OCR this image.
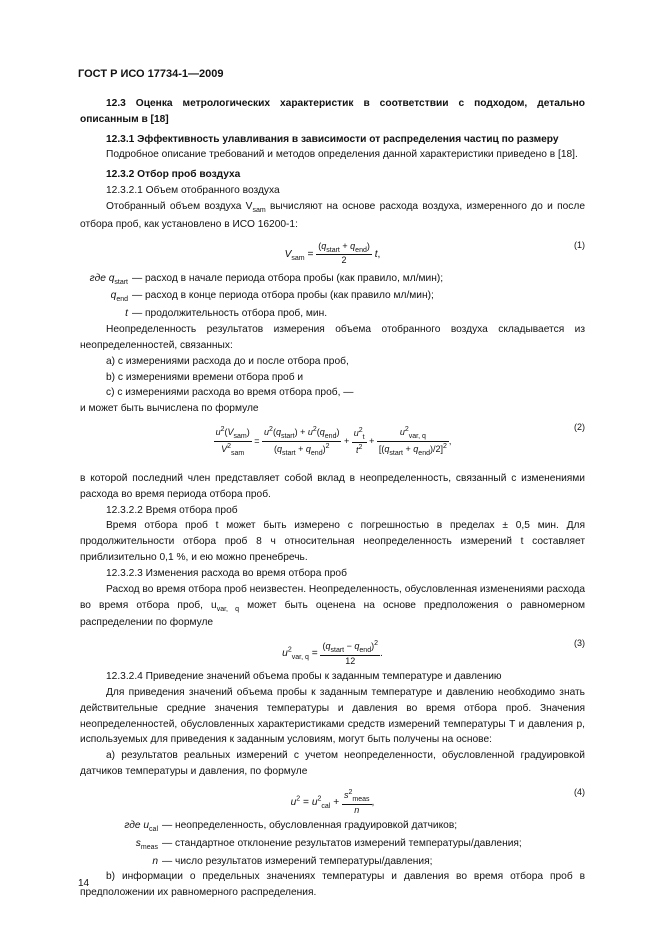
ГОСТ Р ИСО 17734-1—2009

12.3 Оценка метрологических характеристик в соответствии с подходом, детально описанным в [18]

12.3.1 Эффективность улавливания в зависимости от распределения частиц по размеру

Подробное описание требований и методов определения данной характеристики приведено в [18].

12.3.2 Отбор проб воздуха

12.3.2.1 Объем отобранного воздуха

Отобранный объем воздуха $V_{sam}$ вычисляют на основе расхода воздуха, измеренного до и после отбора проб, как установлено в ИСО 16200-1:

$V_{sam} = \frac{(q_{start} + q_{end})}{2} t$,
(1)
где $q_{start}$ — расход в начале периода отбора пробы (как правило, мл/мин);
$q_{end}$ — расход в конце периода отбора пробы (как правило мл/мин);
t — продолжительность отбора проб, мин.

Неопределенность результатов измерения объема отобранного воздуха складывается из неопределенностей, связанных:

а) с измерениями расхода до и после отбора проб,

b) с измерениями времени отбора проб и

c) с измерениями расхода во время отбора проб, —

и может быть вычислена по формуле

$\frac{u^2(V_{sam})}{V^2_{sam}} = \frac{u^2(q_{start}) + u^2(q_{end})}{(q_{start} + q_{end})^2} + \frac{u^2_t}{t^2} + \frac{u^2_{var, q}}{[(q_{start} + q_{end})/2]^2}$ ,
(2)

в которой последний член представляет собой вклад в неопределенность, связанный с изменениями расхода во время периода отбора проб.

12.3.2.2 Время отбора проб

Время отбора проб t может быть измерено с погрешностью в пределах ± 0,5 мин. Для продолжительности отбора проб 8 ч относительная неопределенность измерений t составляет приблизительно 0,1 %, и ею можно пренебречь.

12.3.2.3 Изменения расхода во время отбора проб

Расход во время отбора проб неизвестен. Неопределенность, обусловленная изменениями расхода во время отбора проб, $u_{var, q}$ может быть оценена на основе предположения о равномерном распределении по формуле

$u^2_{var, q} = \frac{(q_{start} - q_{end})^2}{12}$ .
(3)

12.3.2.4 Приведение значений объема пробы к заданным температуре и давлению

Для приведения значений объема пробы к заданным температуре и давлению необходимо знать действительные средние значения температуры и давления во время отбора проб. Значения неопределенностей, обусловленных характеристиками средств измерений температуры T и давления p, используемых для приведения к заданным условиям, могут быть получены на основе:

а) результатов реальных измерений с учетом неопределенности, обусловленной градуировкой датчиков температуры и давления, по формуле

$u^2 = u^2_{cal} + \frac{s^2_{meas}}{n}$ ,
(4)
где $u_{cal}$ — неопределенность, обусловленная градуировкой датчиков;
$s_{meas}$ — стандартное отклонение результатов измерений температуры/давления;
n — число результатов измерений температуры/давления;

b) информации о предельных значениях температуры и давления во время отбора проб в предположении их равномерного распределения.

14
